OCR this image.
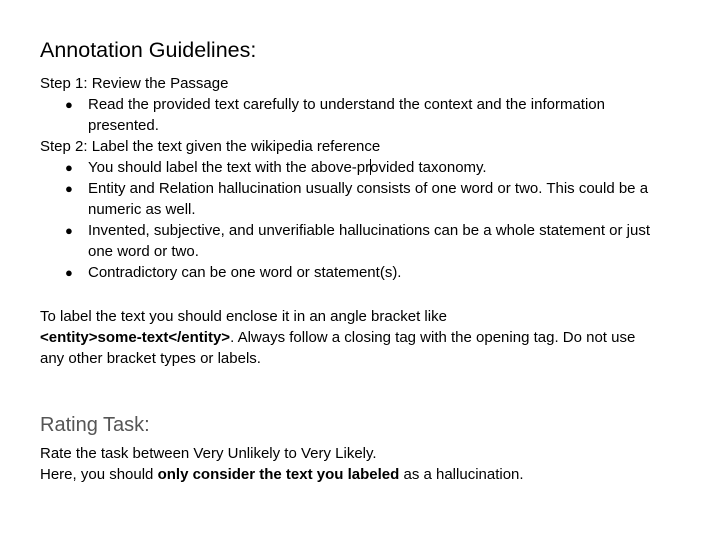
Annotation Guidelines:

Step 1: Review the Passage

● Read the provided text carefully to understand the context and the information presented.

Step 2: Label the text given the wikipedia reference

● You should label the text with the above-provided taxonomy.
● Entity and Relation hallucination usually consists of one word or two. This could be a numeric as well.
● Invented, subjective, and unverifiable hallucinations can be a whole statement or just one word or two.
● Contradictory can be one word or statement(s).

To label the text you should enclose it in an angle bracket like
<entity>some-text</entity>. Always follow a closing tag with the opening tag. Do not use any other bracket types or labels.

Rating Task:

Rate the task between Very Unlikely to Very Likely.

Here, you should only consider the text you labeled as a hallucination.
